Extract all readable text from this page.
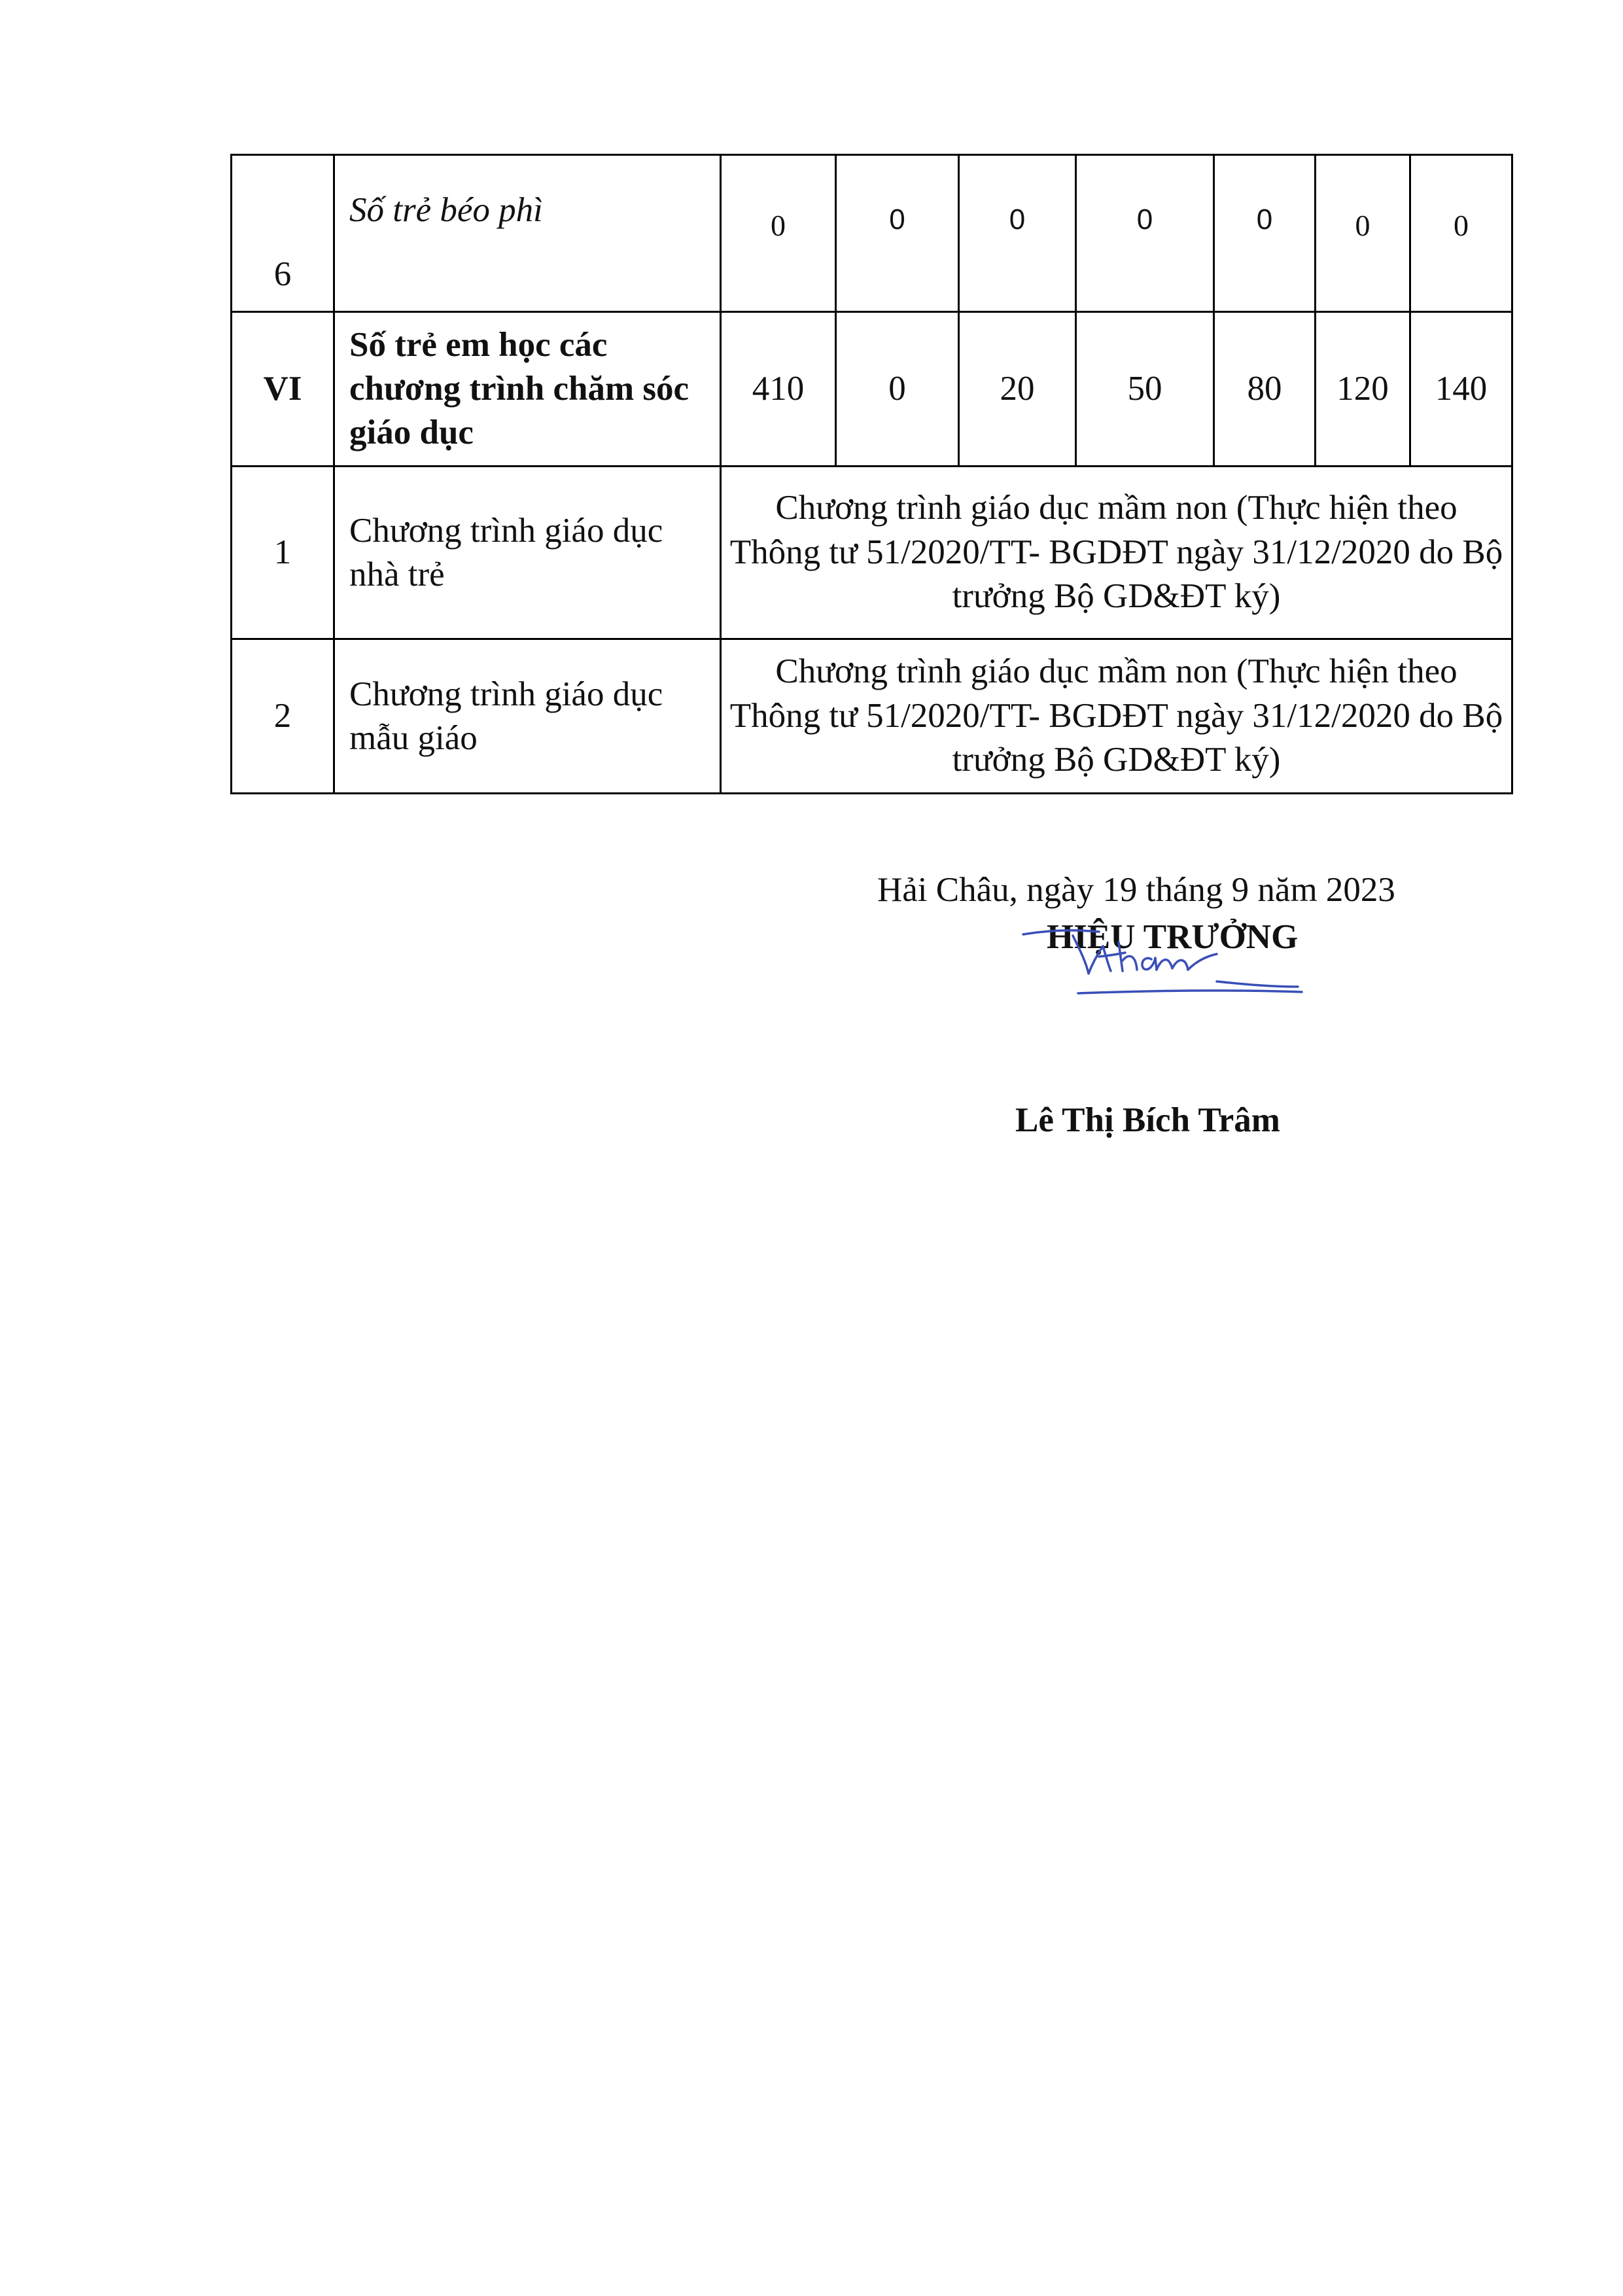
6	Số trẻ béo phì	0	0	0	0	0	0	0
VI	Số trẻ em học các chương trình chăm sóc giáo dục	410	0	20	50	80	120	140
1	Chương trình giáo dục nhà trẻ	Chương trình giáo dục mầm non (Thực hiện theo Thông tư 51/2020/TT- BGDĐT ngày 31/12/2020 do Bộ trưởng Bộ GD&ĐT ký)						
2	Chương trình giáo dục mẫu giáo	Chương trình giáo dục mầm non (Thực hiện theo Thông tư 51/2020/TT- BGDĐT ngày 31/12/2020 do Bộ trưởng Bộ GD&ĐT ký)						
Hải Châu, ngày 19 tháng 9 năm 2023
HIỆU TRƯỞNG
Lê Thị Bích Trâm
